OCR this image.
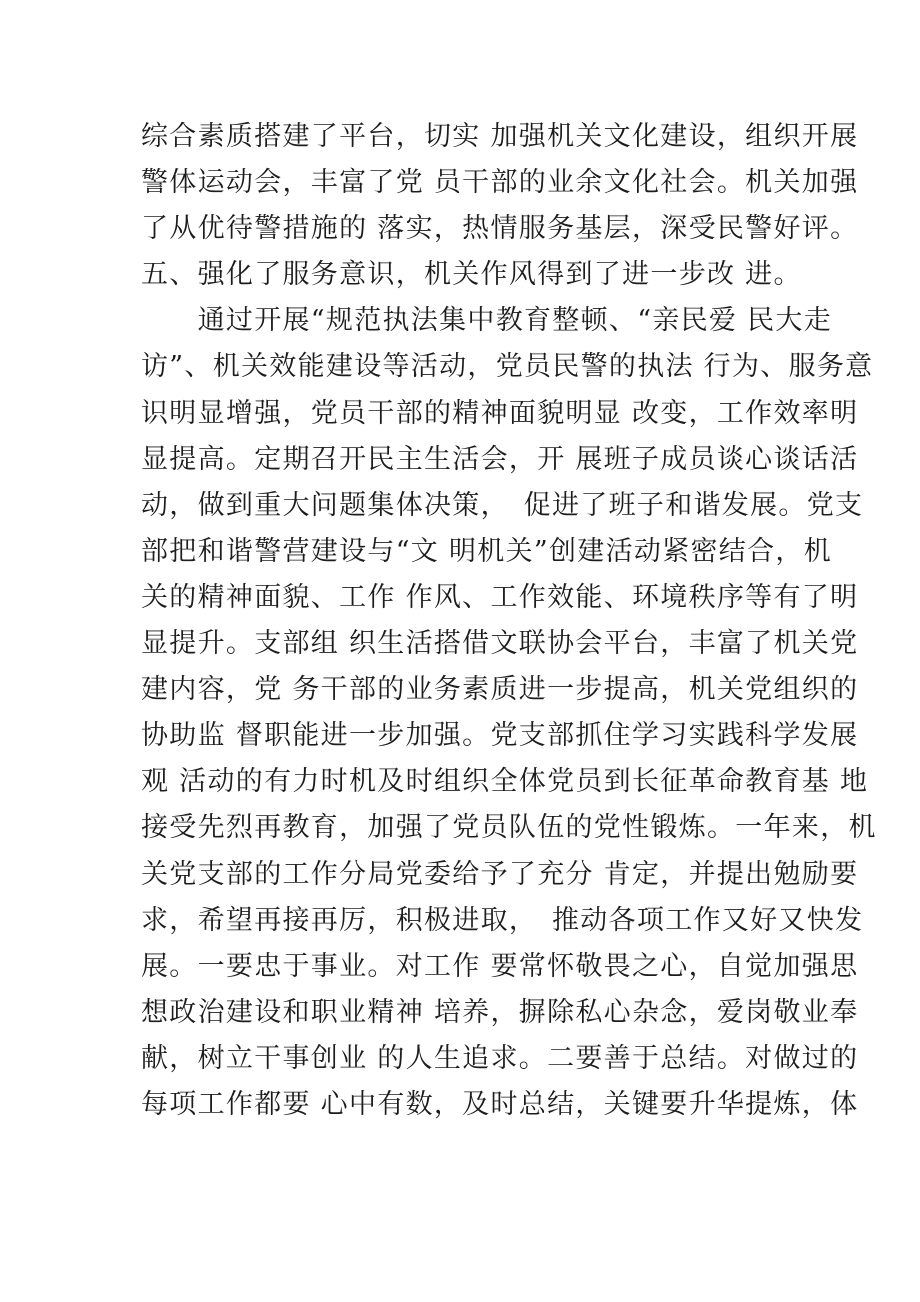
综合素质搭建了平台，切实 加强机关文化建设，组织开展
警体运动会，丰富了党 员干部的业余文化社会。机关加强
了从优待警措施的 落实，热情服务基层，深受民警好评。
五、强化了服务意识，机关作风得到了进一步改 进。
　　通过开展“规范执法集中教育整顿、“亲民爱 民大走
访”、机关效能建设等活动，党员民警的执法 行为、服务意
识明显增强，党员干部的精神面貌明显 改变，工作效率明
显提高。定期召开民主生活会，开 展班子成员谈心谈话活
动，做到重大问题集体决策，　促进了班子和谐发展。党支
部把和谐警营建设与“文 明机关”创建活动紧密结合，机
关的精神面貌、工作 作风、工作效能、环境秩序等有了明
显提升。支部组 织生活搭借文联协会平台，丰富了机关党
建内容，党 务干部的业务素质进一步提高，机关党组织的
协助监 督职能进一步加强。党支部抓住学习实践科学发展
观 活动的有力时机及时组织全体党员到长征革命教育基 地
接受先烈再教育，加强了党员队伍的党性锻炼。一年来，机
关党支部的工作分局党委给予了充分 肯定，并提出勉励要
求，希望再接再厉，积极进取，　推动各项工作又好又快发
展。一要忠于事业。对工作 要常怀敬畏之心，自觉加强思
想政治建设和职业精神 培养，摒除私心杂念，爱岗敬业奉
献，树立干事创业 的人生追求。二要善于总结。对做过的
每项工作都要 心中有数，及时总结，关键要升华提炼，体
